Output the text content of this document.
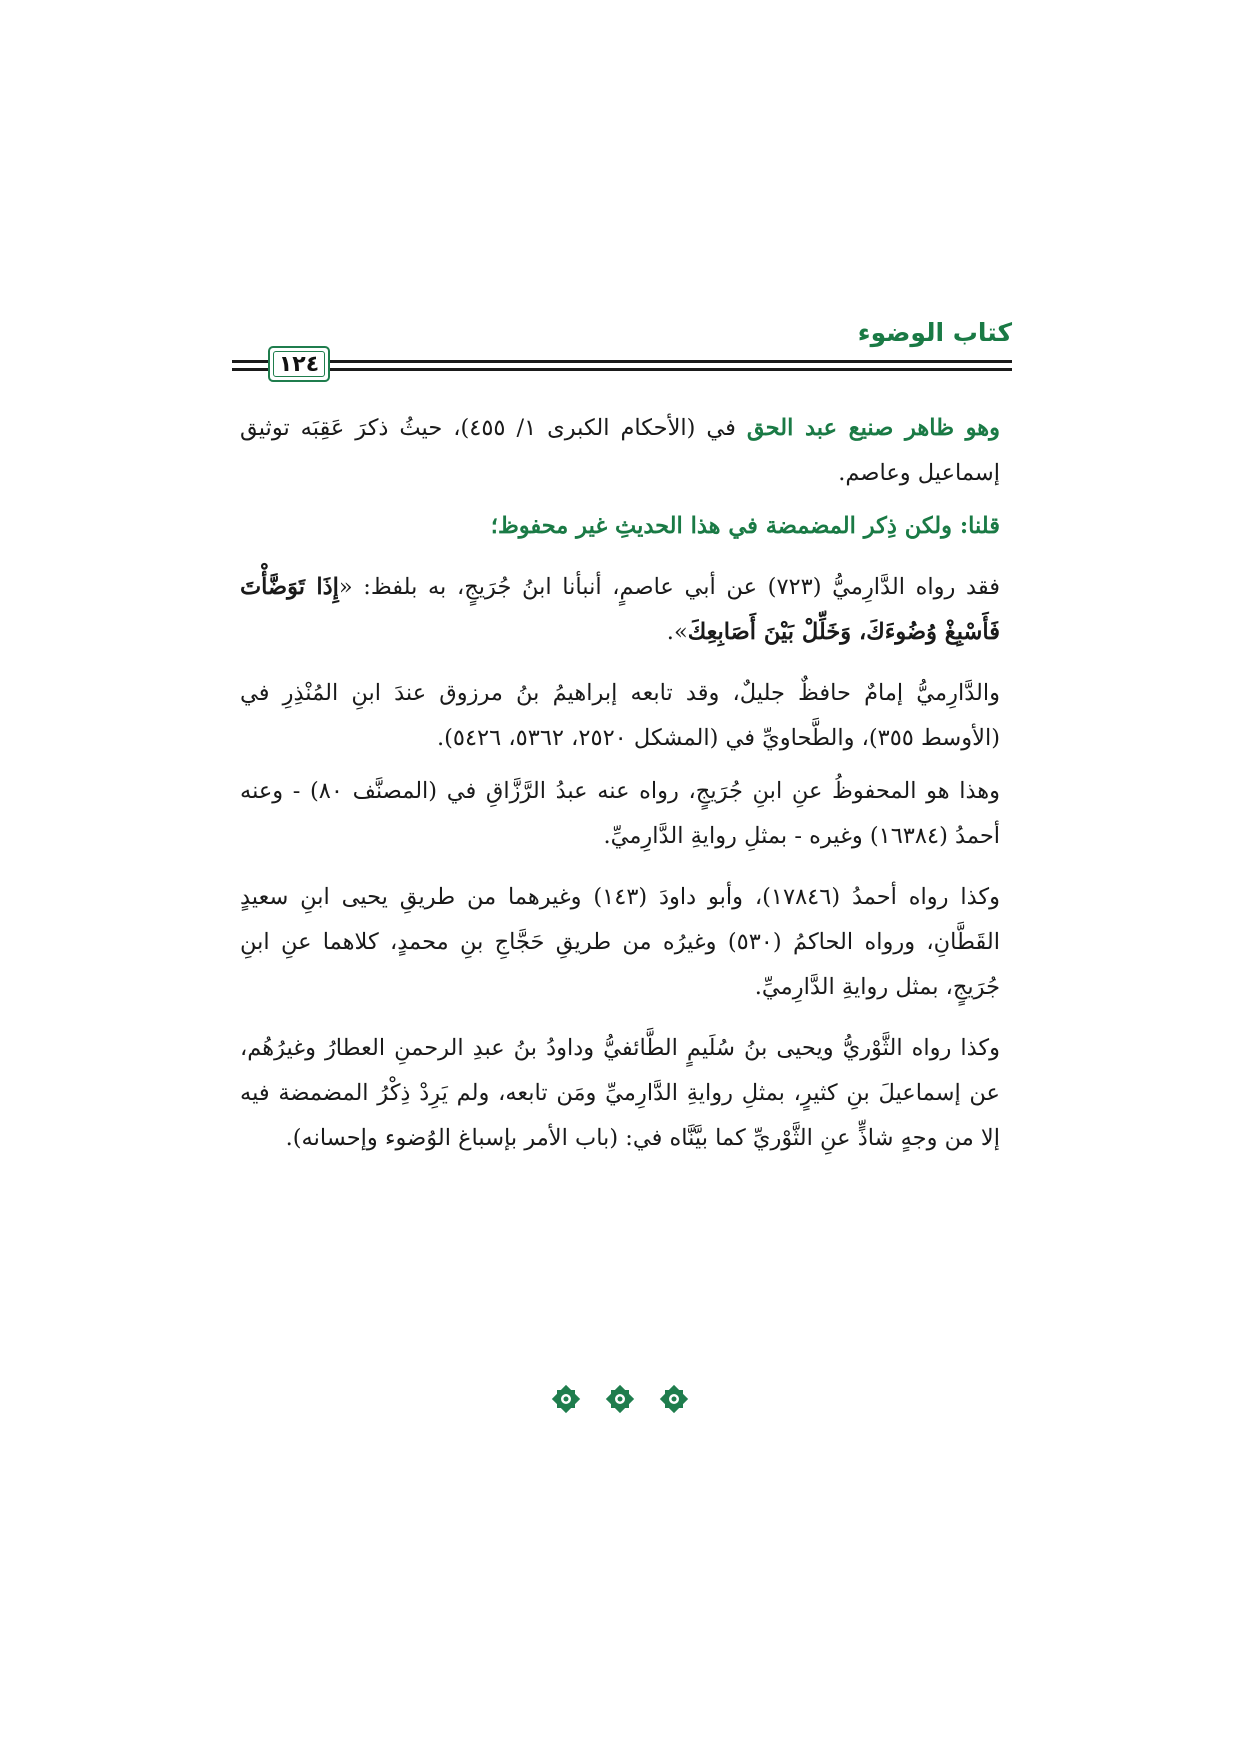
كتاب الوضوء
١٢٤

وهو ظاهر صنيع عبد الحق في (الأحكام الكبرى ١/ ٤٥٥)، حيثُ ذكرَ عَقِبَه توثيق إسماعيل وعاصم.

قلنا: ولكن ذِكر المضمضة في هذا الحديثِ غير محفوظ؛

فقد رواه الدَّارِميُّ (٧٢٣) عن أبي عاصمٍ، أنبأنا ابنُ جُرَيجٍ، به بلفظ: «إِذَا تَوَضَّأْتَ فَأَسْبِغْ وُضُوءَكَ، وَخَلِّلْ بَيْنَ أَصَابِعِكَ».

والدَّارِميُّ إمامٌ حافظٌ جليلٌ، وقد تابعه إبراهيمُ بنُ مرزوق عندَ ابنِ المُنْذِرِ في (الأوسط ٣٥٥)، والطَّحاويِّ في (المشكل ٢٥٢٠، ٥٣٦٢، ٥٤٢٦).

وهذا هو المحفوظُ عنِ ابنِ جُرَيجٍ، رواه عنه عبدُ الرَّزَّاقِ في (المصنَّف ٨٠) - وعنه أحمدُ (١٦٣٨٤) وغيره - بمثلِ روايةِ الدَّارِميِّ.

وكذا رواه أحمدُ (١٧٨٤٦)، وأبو داودَ (١٤٣) وغيرهما من طريقِ يحيى ابنِ سعيدٍ القَطَّانِ، ورواه الحاكمُ (٥٣٠) وغيرُه من طريقِ حَجَّاجِ بنِ محمدٍ، كلاهما عنِ ابنِ جُرَيجٍ، بمثل روايةِ الدَّارِميِّ.

وكذا رواه الثَّوْريُّ ويحيى بنُ سُلَيمٍ الطَّائفيُّ وداودُ بنُ عبدِ الرحمنِ العطارُ وغيرُهُم، عن إسماعيلَ بنِ كثيرٍ، بمثلِ روايةِ الدَّارِميِّ ومَن تابعه، ولم يَرِدْ ذِكْرُ المضمضة فيه إلا من وجهٍ شاذٍّ عنِ الثَّوْريِّ كما بيَّنَّاه في: (باب الأمر بإسباغ الوُضوء وإحسانه).
